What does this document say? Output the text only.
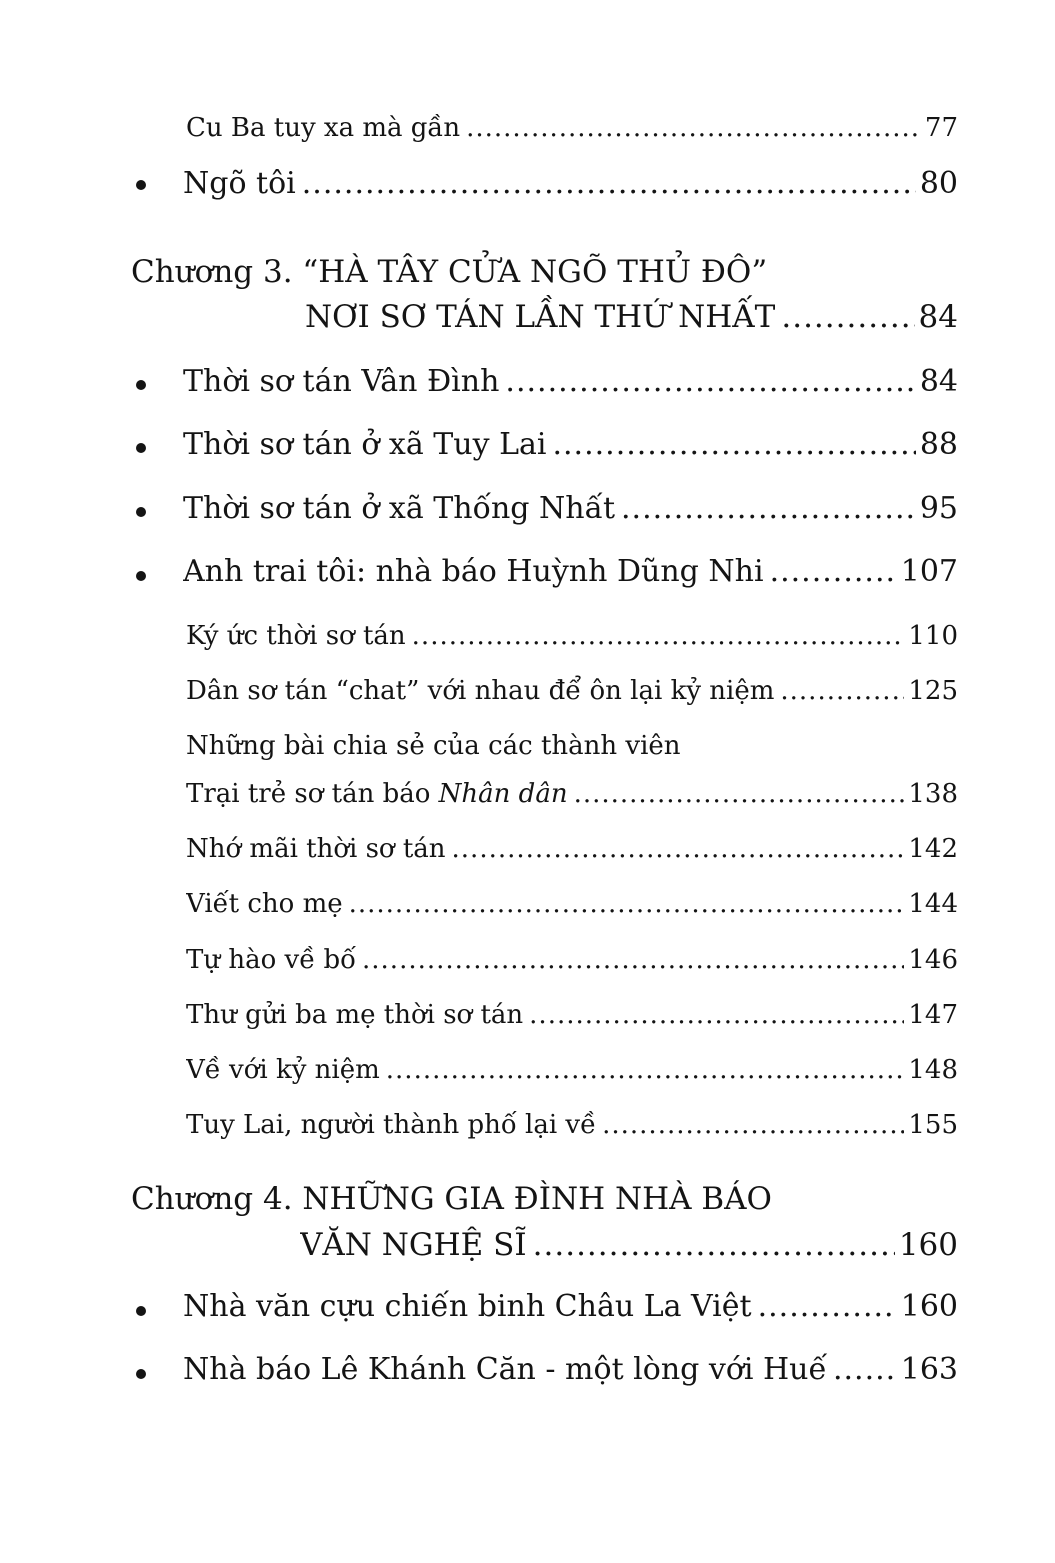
Cu Ba tuy xa mà gần .....	77
Ngõ tôi .....	80
Chương 3. “HÀ TÂY CỬA NGÕ THỦ ĐÔ”
NƠI SƠ TÁN LẦN THỨ NHẤT .....	84
Thời sơ tán Vân Đình .....	84
Thời sơ tán ở xã Tuy Lai .....	88
Thời sơ tán ở xã Thống Nhất .....	95
Anh trai tôi: nhà báo Huỳnh Dũng Nhi .....	107
Ký ức thời sơ tán .....	110
Dân sơ tán “chat” với nhau để ôn lại kỷ niệm .....	125
Những bài chia sẻ của các thành viên
Trại trẻ sơ tán báo Nhân dân .....	138
Nhớ mãi thời sơ tán .....	142
Viết cho mẹ .....	144
Tự hào về bố .....	146
Thư gửi ba mẹ thời sơ tán .....	147
Về với kỷ niệm .....	148
Tuy Lai, người thành phố lại về .....	155
Chương 4. NHỮNG GIA ĐÌNH NHÀ BÁO
VĂN NGHỆ SĨ .....	160
Nhà văn cựu chiến binh Châu La Việt .....	160
Nhà báo Lê Khánh Căn - một lòng với Huế ..... 163
